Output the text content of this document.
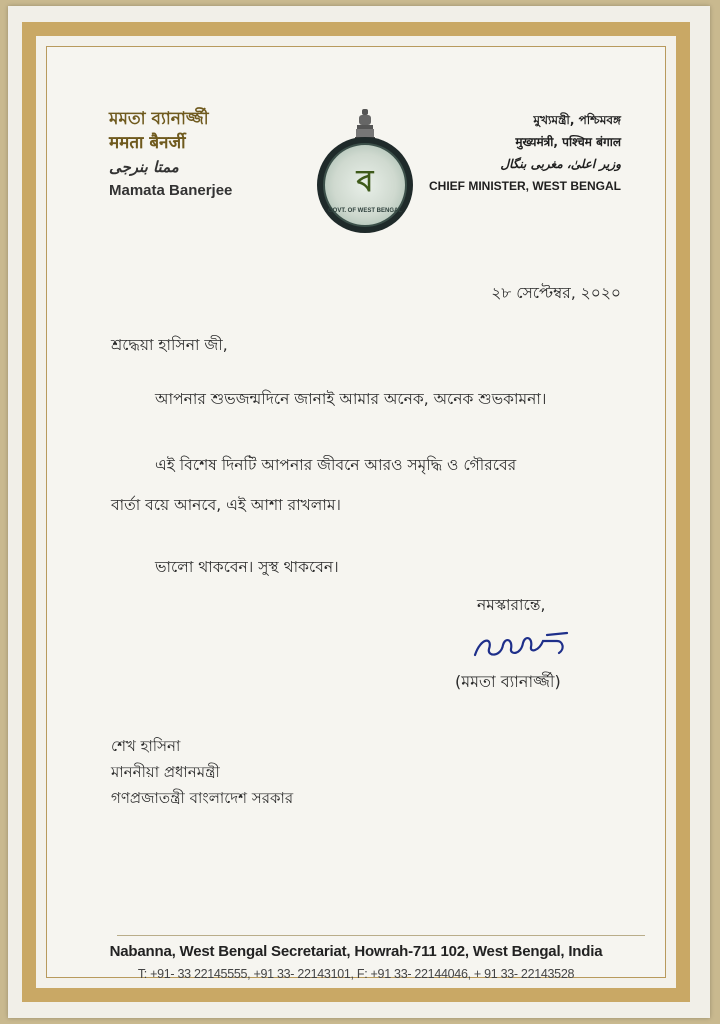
মমতা ব্যানার্জ্জী
ममता बैनर्जी
ممتا بنرجی
Mamata Banerjee	ব
GOVT. OF WEST BENGAL
মুখ্যমন্ত্রী, পশ্চিমবঙ্গ
मुख्यमंत्री, पश्चिम बंगाल
وزیر اعلیٰ، مغربی بنگال
CHIEF MINISTER, WEST BENGAL
২৮ সেপ্টেম্বর, ২০২০
শ্রদ্ধেয়া হাসিনা জী,
আপনার শুভজন্মদিনে জানাই আমার অনেক, অনেক শুভকামনা।
এই বিশেষ দিনটি আপনার জীবনে আরও সমৃদ্ধি ও গৌরবের
বার্তা বয়ে আনবে, এই আশা রাখলাম।
ভালো থাকবেন। সুস্থ থাকবেন।
নমস্কারান্তে,
(মমতা ব্যানার্জ্জী)
শেখ হাসিনা
মাননীয়া প্রধানমন্ত্রী
গণপ্রজাতন্ত্রী বাংলাদেশ সরকার
Nabanna, West Bengal Secretariat, Howrah-711 102, West Bengal, India
T: +91- 33 22145555, +91 33- 22143101, F: +91 33- 22144046, + 91 33- 22143528
